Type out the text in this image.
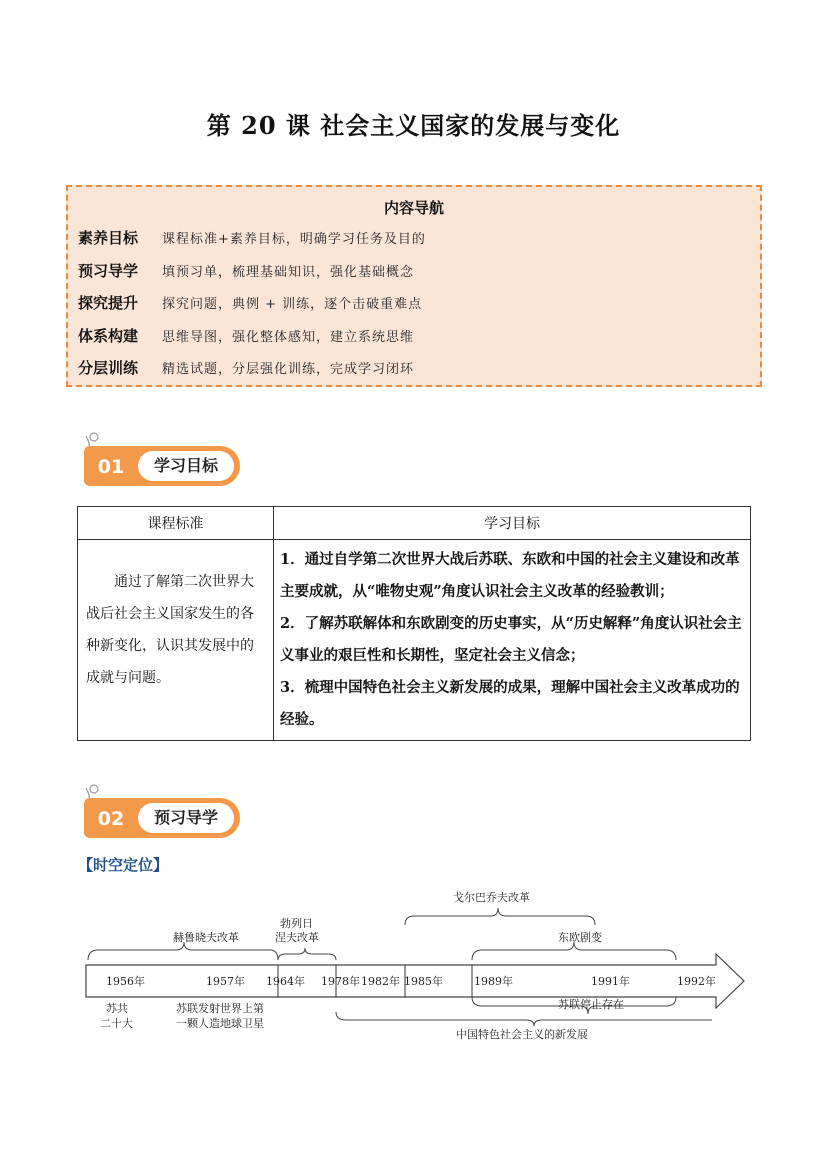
第 20 课 社会主义国家的发展与变化
内容导航
素养目标	课程标准+素养目标，明确学习任务及目的
预习导学	填预习单，梳理基础知识，强化基础概念
探究提升	探究问题，典例 + 训练，逐个击破重难点
体系构建	思维导图，强化整体感知，建立系统思维
分层训练	精选试题，分层强化训练，完成学习闭环
01	学习目标
课程标准	学习目标

通过了解第二次世界大战后社会主义国家发生的各种新变化，认识其发展中的成就与问题。	1．通过自学第二次世界大战后苏联、东欧和中国的社会主义建设和改革主要成就，从“唯物史观”角度认识社会主义改革的经验教训；
2．了解苏联解体和东欧剧变的历史事实，从“历史解释”角度认识社会主义事业的艰巨性和长期性，坚定社会主义信念；
3．梳理中国特色社会主义新发展的成果，理解中国社会主义改革成功的经验。
02	预习导学
【时空定位】
1956年	1957年 1964年 1978年 1982年 1985年	1989年	1991年	1992年
赫鲁晓夫改革
勃列日
涅夫改革
戈尔巴乔夫改革
东欧剧变
苏共
二十大
苏联发射世界上第
一颗人造地球卫星
苏联停止存在
中国特色社会主义的新发展
